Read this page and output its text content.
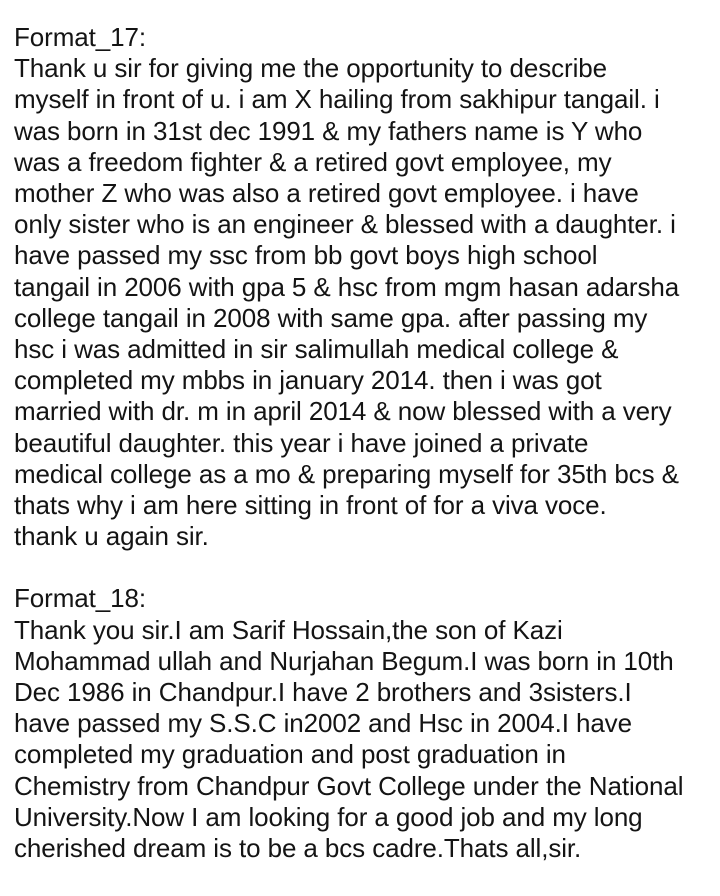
Format_17:
Thank u sir for giving me the opportunity to describe
myself in front of u. i am X hailing from sakhipur tangail. i
was born in 31st dec 1991 & my fathers name is Y who
was a freedom fighter & a retired govt employee, my
mother Z who was also a retired govt employee. i have
only sister who is an engineer & blessed with a daughter. i
have passed my ssc from bb govt boys high school
tangail in 2006 with gpa 5 & hsc from mgm hasan adarsha
college tangail in 2008 with same gpa. after passing my
hsc i was admitted in sir salimullah medical college &
completed my mbbs in january 2014. then i was got
married with dr. m in april 2014 & now blessed with a very
beautiful daughter. this year i have joined a private
medical college as a mo & preparing myself for 35th bcs &
thats why i am here sitting in front of for a viva voce.
thank u again sir.
Format_18:
Thank you sir.I am Sarif Hossain,the son of Kazi
Mohammad ullah and Nurjahan Begum.I was born in 10th
Dec 1986 in Chandpur.I have 2 brothers and 3sisters.I
have passed my S.S.C in2002 and Hsc in 2004.I have
completed my graduation and post graduation in
Chemistry from Chandpur Govt College under the National
University.Now I am looking for a good job and my long
cherished dream is to be a bcs cadre.Thats all,sir.
